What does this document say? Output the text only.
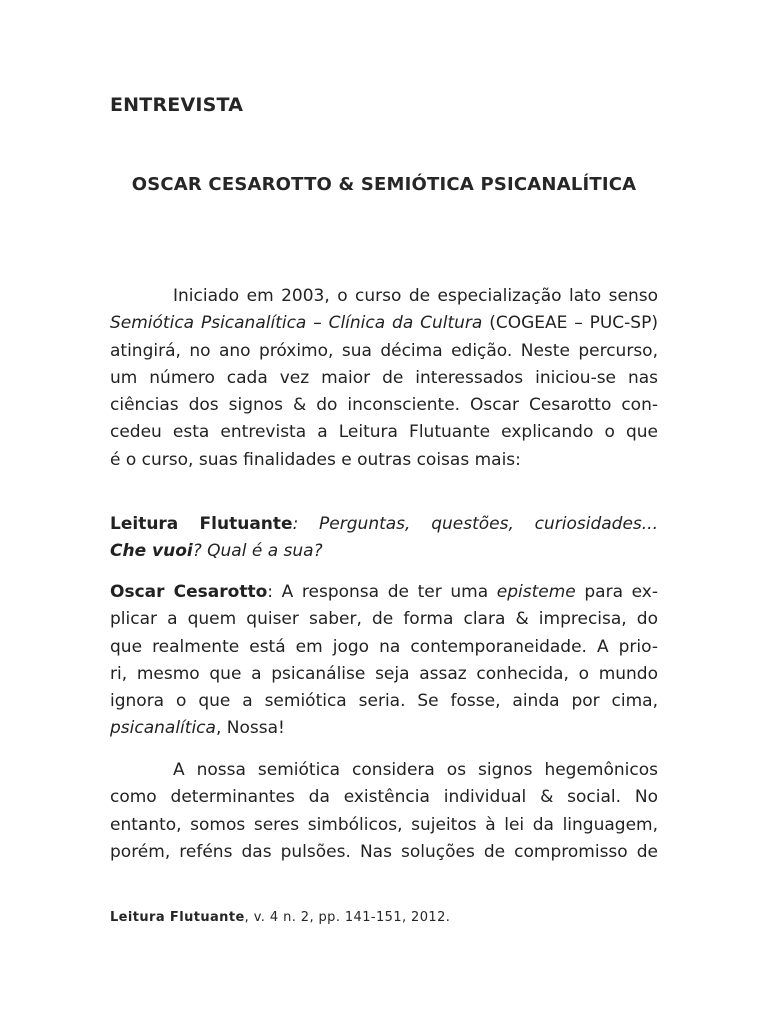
ENTREVISTA
OSCAR CESAROTTO & SEMIÓTICA PSICANALÍTICA
Iniciado em 2003, o curso de especialização lato senso
Semiótica Psicanalítica – Clínica da Cultura (COGEAE – PUC-SP)
atingirá, no ano próximo, sua décima edição. Neste percurso,
um número cada vez maior de interessados iniciou-se nas
ciências dos signos & do inconsciente. Oscar Cesarotto con-
cedeu esta entrevista a Leitura Flutuante explicando o que
é o curso, suas finalidades e outras coisas mais:
Leitura Flutuante: Perguntas, questões, curiosidades...
Che vuoi? Qual é a sua?
Oscar Cesarotto: A responsa de ter uma episteme para ex-
plicar a quem quiser saber, de forma clara & imprecisa, do
que realmente está em jogo na contemporaneidade. A prio-
ri, mesmo que a psicanálise seja assaz conhecida, o mundo
ignora o que a semiótica seria. Se fosse, ainda por cima,
psicanalítica, Nossa!
A nossa semiótica considera os signos hegemônicos
como determinantes da existência individual & social. No
entanto, somos seres simbólicos, sujeitos à lei da linguagem,
porém, reféns das pulsões. Nas soluções de compromisso de
Leitura Flutuante, v. 4 n. 2, pp. 141-151, 2012.
